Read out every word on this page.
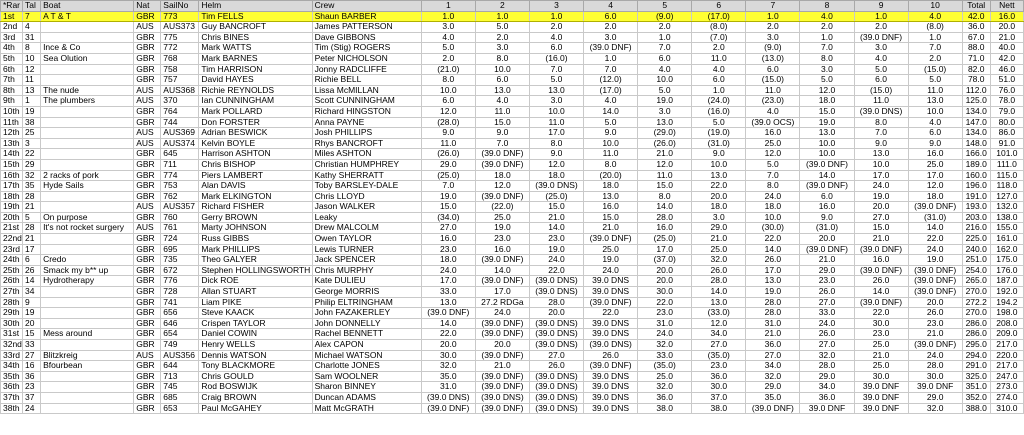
*Rar	Tal	Boat	Nat	SailNo	Helm	Crew	1	2	3	4	5	6	7	8	9	10	Total	Nett
1st	7	A T & T	GBR	773	Tim FELLS	Shaun BARBER	1.0	1.0	1.0	6.0	(9.0)	(17.0)	1.0	4.0	1.0	4.0	42.0	16.0
2nd	4		AUS	AUS373	Guy BANCROFT	James PATTERSON	3.0	5.0	2.0	2.0	2.0	(8.0)	2.0	2.0	2.0	(8.0)	36.0	20.0
3rd	31		GBR	775	Chris BINES	Dave GIBBONS	4.0	2.0	4.0	3.0	1.0	(7.0)	3.0	1.0	(39.0 DNF)	1.0	67.0	21.0
4th	8	Ince & Co	GBR	772	Mark WATTS	Tim (Stig) ROGERS	5.0	3.0	6.0	(39.0 DNF)	7.0	2.0	(9.0)	7.0	3.0	7.0	88.0	40.0
5th	10	Sea Olution	GBR	768	Mark BARNES	Peter NICHOLSON	2.0	8.0	(16.0)	1.0	6.0	11.0	(13.0)	8.0	4.0	2.0	71.0	42.0
6th	12		GBR	758	Tim HARRISON	Jonny RADCLIFFE	(21.0)	10.0	7.0	7.0	4.0	4.0	6.0	3.0	5.0	(15.0)	82.0	46.0
7th	11		GBR	757	David HAYES	Richie BELL	8.0	6.0	5.0	(12.0)	10.0	6.0	(15.0)	5.0	6.0	5.0	78.0	51.0
8th	13	The nude	AUS	AUS368	Richie REYNOLDS	Lissa McMILLAN	10.0	13.0	13.0	(17.0)	5.0	1.0	11.0	12.0	(15.0)	11.0	112.0	76.0
9th	1	The plumbers	AUS	370	Ian CUNNINGHAM	Scott CUNNINGHAM	6.0	4.0	3.0	4.0	19.0	(24.0)	(23.0)	18.0	11.0	13.0	125.0	78.0
10th	19		GBR	764	Mark POLLARD	Richard HINGSTON	12.0	11.0	10.0	14.0	3.0	(16.0)	4.0	15.0	(39.0 DNS)	10.0	134.0	79.0
11th	38		GBR	744	Don FORSTER	Anna PAYNE	(28.0)	15.0	11.0	5.0	13.0	5.0	(39.0 OCS)	19.0	8.0	4.0	147.0	80.0
12th	25		AUS	AUS369	Adrian BESWICK	Josh PHILLIPS	9.0	9.0	17.0	9.0	(29.0)	(19.0)	16.0	13.0	7.0	6.0	134.0	86.0
13th	3		AUS	AUS374	Kelvin BOYLE	Rhys BANCROFT	11.0	7.0	8.0	10.0	(26.0)	(31.0)	25.0	10.0	9.0	9.0	148.0	91.0
14th	22		GBR	645	Harrison ASHTON	Miles ASHTON	(26.0)	(39.0 DNF)	9.0	11.0	21.0	9.0	12.0	10.0	13.0	16.0	166.0	101.0
15th	29		GBR	711	Chris BISHOP	Christian HUMPHREY	29.0	(39.0 DNF)	12.0	8.0	12.0	10.0	5.0	(39.0 DNF)	10.0	25.0	189.0	111.0
16th	32	2 racks of pork	GBR	774	Piers LAMBERT	Kathy SHERRATT	(25.0)	18.0	18.0	(20.0)	11.0	13.0	7.0	14.0	17.0	17.0	160.0	115.0
17th	35	Hyde Sails	GBR	753	Alan DAVIS	Toby BARSLEY-DALE	7.0	12.0	(39.0 DNS)	18.0	15.0	22.0	8.0	(39.0 DNF)	24.0	12.0	196.0	118.0
18th	28		GBR	762	Mark ELKINGTON	Chris LLOYD	19.0	(39.0 DNF)	(25.0)	13.0	8.0	20.0	24.0	6.0	19.0	18.0	191.0	127.0
19th	21		AUS	AUS357	Richard FISHER	Jason WALKER	15.0	(22.0)	15.0	16.0	14.0	18.0	18.0	16.0	20.0	(39.0 DNF)	193.0	132.0
20th	5	On purpose	GBR	760	Gerry BROWN	Leaky	(34.0)	25.0	21.0	15.0	28.0	3.0	10.0	9.0	27.0	(31.0)	203.0	138.0
21st	28	It's not rocket surgery	AUS	761	Marty JOHNSON	Drew MALCOLM	27.0	19.0	14.0	21.0	16.0	29.0	(30.0)	(31.0)	15.0	14.0	216.0	155.0
22nd	21		GBR	724	Russ GIBBS	Owen TAYLOR	16.0	23.0	23.0	(39.0 DNF)	(25.0)	21.0	22.0	20.0	21.0	22.0	225.0	161.0
23rd	17		GBR	695	Mark PHILLIPS	Lewis TURNER	23.0	16.0	19.0	25.0	17.0	25.0	14.0	(39.0 DNF)	(39.0 DNF)	24.0	240.0	162.0
24th	6	Credo	GBR	735	Theo GALYER	Jack SPENCER	18.0	(39.0 DNF)	24.0	19.0	(37.0)	32.0	26.0	21.0	16.0	19.0	251.0	175.0
25th	26	Smack my b** up	GBR	672	Stephen HOLLINGSWORTH	Chris MURPHY	24.0	14.0	22.0	24.0	20.0	26.0	17.0	29.0	(39.0 DNF)	(39.0 DNF)	254.0	176.0
26th	14	Hydrotherapy	GBR	776	Dick ROE	Kate DULIEU	17.0	(39.0 DNF)	(39.0 DNS)	39.0 DNS	20.0	28.0	13.0	23.0	26.0	(39.0 DNF)	265.0	187.0
27th	34		GBR	728	Allan STUART	George MORRIS	33.0	17.0	(39.0 DNS)	39.0 DNS	30.0	14.0	19.0	26.0	14.0	(39.0 DNF)	270.0	192.0
28th	9		GBR	741	Liam PIKE	Philip ELTRINGHAM	13.0	27.2 RDGa	28.0	(39.0 DNF)	22.0	13.0	28.0	27.0	(39.0 DNF)	20.0	272.2	194.2
29th	19		GBR	656	Steve KAACK	John FAZAKERLEY	(39.0 DNF)	24.0	20.0	22.0	23.0	(33.0)	28.0	33.0	22.0	26.0	270.0	198.0
30th	20		GBR	646	Crispen TAYLOR	John DONNELLY	14.0	(39.0 DNF)	(39.0 DNS)	39.0 DNS	31.0	12.0	31.0	24.0	30.0	23.0	286.0	208.0
31st	15	Mess around	GBR	654	Daniel COWIN	Rachel BENNETT	22.0	(39.0 DNF)	(39.0 DNS)	39.0 DNS	24.0	34.0	21.0	26.0	23.0	21.0	286.0	209.0
32nd	33		GBR	749	Henry WELLS	Alex CAPON	20.0	20.0	(39.0 DNS)	(39.0 DNS)	32.0	27.0	36.0	27.0	25.0	(39.0 DNF)	295.0	217.0
33rd	27	Blitzkreig	AUS	AUS356	Dennis WATSON	Michael WATSON	30.0	(39.0 DNF)	27.0	26.0	33.0	(35.0)	27.0	32.0	21.0	24.0	294.0	220.0
34th	16	Bfourbean	GBR	644	Tony BLACKMORE	Charlotte JONES	32.0	21.0	26.0	(39.0 DNF)	(35.0)	23.0	34.0	28.0	25.0	28.0	291.0	217.0
35th	36		GBR	713	Chris GOULD	Sam WOOLNER	35.0	(39.0 DNF)	(39.0 DNS)	39.0 DNS	25.0	36.0	32.0	29.0	30.0	30.0	325.0	247.0
36th	23		GBR	745	Rod BOSWIJK	Sharon BINNEY	31.0	(39.0 DNF)	(39.0 DNS)	39.0 DNS	32.0	30.0	29.0	34.0	39.0 DNF	39.0 DNF	351.0	273.0
37th	37		GBR	685	Craig BROWN	Duncan ADAMS	(39.0 DNS)	(39.0 DNS)	(39.0 DNS)	39.0 DNS	36.0	37.0	35.0	36.0	39.0 DNF	29.0	352.0	274.0
38th	24		GBR	653	Paul McGAHEY	Matt McGRATH	(39.0 DNF)	(39.0 DNF)	(39.0 DNS)	39.0 DNS	38.0	38.0	(39.0 DNF)	39.0 DNF	39.0 DNF	32.0	388.0	310.0
